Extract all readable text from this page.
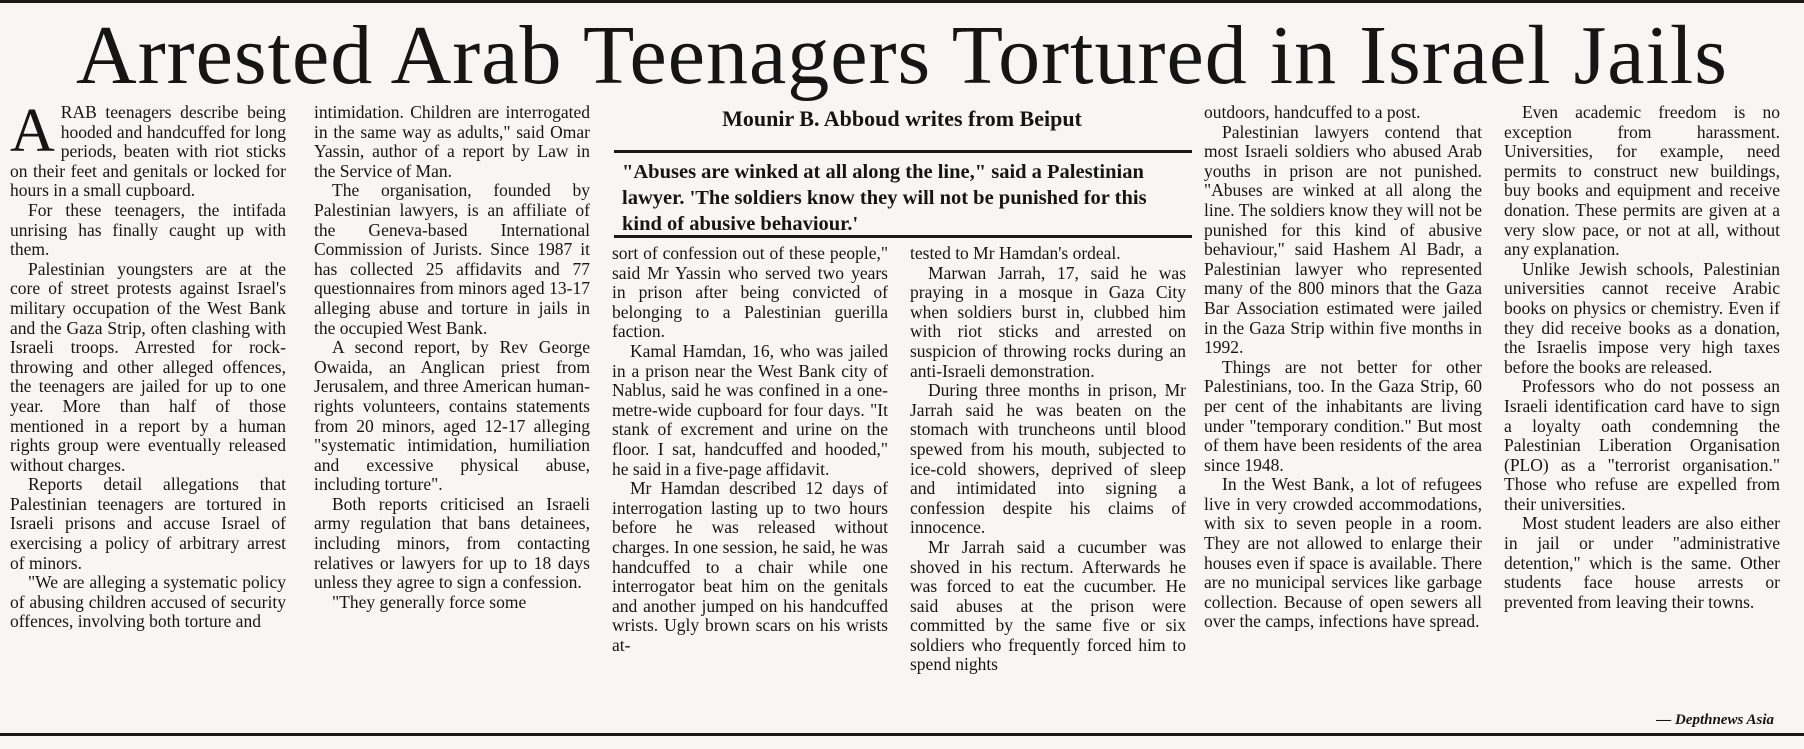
Arrested Arab Teenagers Tortured in Israel Jails

ARAB teenagers describe being hooded and handcuffed for long periods, beaten with riot sticks on their feet and genitals or locked for hours in a small cupboard.

For these teenagers, the intifada unrising has finally caught up with them.

Palestinian youngsters are at the core of street protests against Israel's military occupation of the West Bank and the Gaza Strip, often clashing with Israeli troops. Arrested for rock-throwing and other alleged offences, the teenagers are jailed for up to one year. More than half of those mentioned in a report by a human rights group were eventually released without charges.

Reports detail allegations that Palestinian teenagers are tortured in Israeli prisons and accuse Israel of exercising a policy of arbitrary arrest of minors.

"We are alleging a systematic policy of abusing children accused of security offences, involving both torture and

intimidation. Children are interrogated in the same way as adults," said Omar Yassin, author of a report by Law in the Service of Man.

The organisation, founded by Palestinian lawyers, is an affiliate of the Geneva-based International Commission of Jurists. Since 1987 it has collected 25 affidavits and 77 questionnaires from minors aged 13-17 alleging abuse and torture in jails in the occupied West Bank.

A second report, by Rev George Owaida, an Anglican priest from Jerusalem, and three American human-rights volunteers, contains statements from 20 minors, aged 12-17 alleging "systematic intimidation, humiliation and excessive physical abuse, including torture".

Both reports criticised an Israeli army regulation that bans detainees, including minors, from contacting relatives or lawyers for up to 18 days unless they agree to sign a confession.

"They generally force some

Mounir B. Abboud writes from Beiput
"Abuses are winked at all along the line," said a Palestinian lawyer. 'The soldiers know they will not be punished for this kind of abusive behaviour.'

sort of confession out of these people," said Mr Yassin who served two years in prison after being convicted of belonging to a Palestinian guerilla faction.

Kamal Hamdan, 16, who was jailed in a prison near the West Bank city of Nablus, said he was confined in a one-metre-wide cupboard for four days. "It stank of excrement and urine on the floor. I sat, handcuffed and hooded," he said in a five-page affidavit.

Mr Hamdan described 12 days of interrogation lasting up to two hours before he was released without charges. In one session, he said, he was handcuffed to a chair while one interrogator beat him on the genitals and another jumped on his handcuffed wrists. Ugly brown scars on his wrists at-

tested to Mr Hamdan's ordeal.

Marwan Jarrah, 17, said he was praying in a mosque in Gaza City when soldiers burst in, clubbed him with riot sticks and arrested on suspicion of throwing rocks during an anti-Israeli demonstration.

During three months in prison, Mr Jarrah said he was beaten on the stomach with truncheons until blood spewed from his mouth, subjected to ice-cold showers, deprived of sleep and intimidated into signing a confession despite his claims of innocence.

Mr Jarrah said a cucumber was shoved in his rectum. Afterwards he was forced to eat the cucumber. He said abuses at the prison were committed by the same five or six soldiers who frequently forced him to spend nights

outdoors, handcuffed to a post.

Palestinian lawyers contend that most Israeli soldiers who abused Arab youths in prison are not punished. "Abuses are winked at all along the line. The soldiers know they will not be punished for this kind of abusive behaviour," said Hashem Al Badr, a Palestinian lawyer who represented many of the 800 minors that the Gaza Bar Association estimated were jailed in the Gaza Strip within five months in 1992.

Things are not better for other Palestinians, too. In the Gaza Strip, 60 per cent of the inhabitants are living under "temporary condition." But most of them have been residents of the area since 1948.

In the West Bank, a lot of refugees live in very crowded accommodations, with six to seven people in a room. They are not allowed to enlarge their houses even if space is available. There are no municipal services like garbage collection. Because of open sewers all over the camps, infections have spread.

Even academic freedom is no exception from harassment. Universities, for example, need permits to construct new buildings, buy books and equipment and receive donation. These permits are given at a very slow pace, or not at all, without any explanation.

Unlike Jewish schools, Palestinian universities cannot receive Arabic books on physics or chemistry. Even if they did receive books as a donation, the Israelis impose very high taxes before the books are released.

Professors who do not possess an Israeli identification card have to sign a loyalty oath condemning the Palestinian Liberation Organisation (PLO) as a "terrorist organisation." Those who refuse are expelled from their universities.

Most student leaders are also either in jail or under "administrative detention," which is the same. Other students face house arrests or prevented from leaving their towns.

— Depthnews Asia
